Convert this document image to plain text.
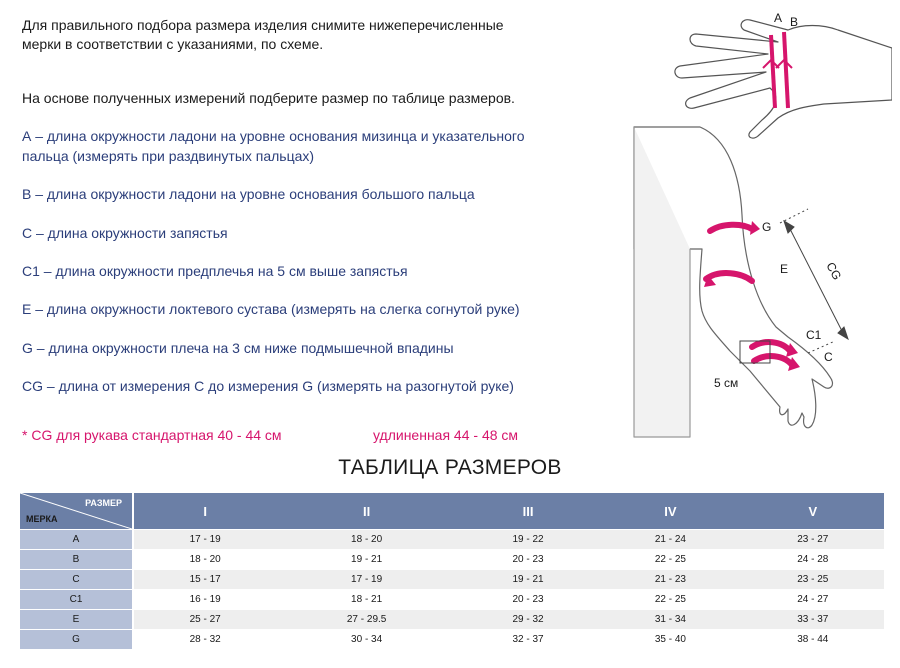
Для правильного подбора размера изделия снимите нижеперечисленные

мерки в соответствии с указаниями, по схеме.

На основе полученных измерений подберите размер по таблице размеров.

А – длина окружности ладони на уровне основания мизинца и указательного

пальца (измерять при раздвинутых пальцах)

В – длина окружности ладони на уровне основания большого пальца

С – длина окружности запястья

С1 – длина окружности предплечья на 5 см выше запястья

Е – длина окружности локтевого сустава (измерять на слегка согнутой руке)

G – длина окружности плеча на 3 см ниже подмышечной впадины

CG – длина от измерения С до измерения G (измерять на разогнутой руке)

* CG для рукава стандартная 40 - 44 см	удлиненная 44 - 48 см

A B
G
E	CG
C1
C
5 см
ТАБЛИЦА РАЗМЕРОВ
РАЗМЕР
МЕРКА		I	II	III	IV	V
A		17 - 19	18 - 20	19 - 22	21 - 24	23 - 27
B		18 - 20	19 - 21	20 - 23	22 - 25	24 - 28
C		15 - 17	17 - 19	19 - 21	21 - 23	23 - 25
C1		16 - 19	18 - 21	20 - 23	22 - 25	24 - 27
E		25 - 27	27 - 29.5	29 - 32	31 - 34	33 - 37
G		28 - 32	30 - 34	32 - 37	35 - 40	38 - 44
